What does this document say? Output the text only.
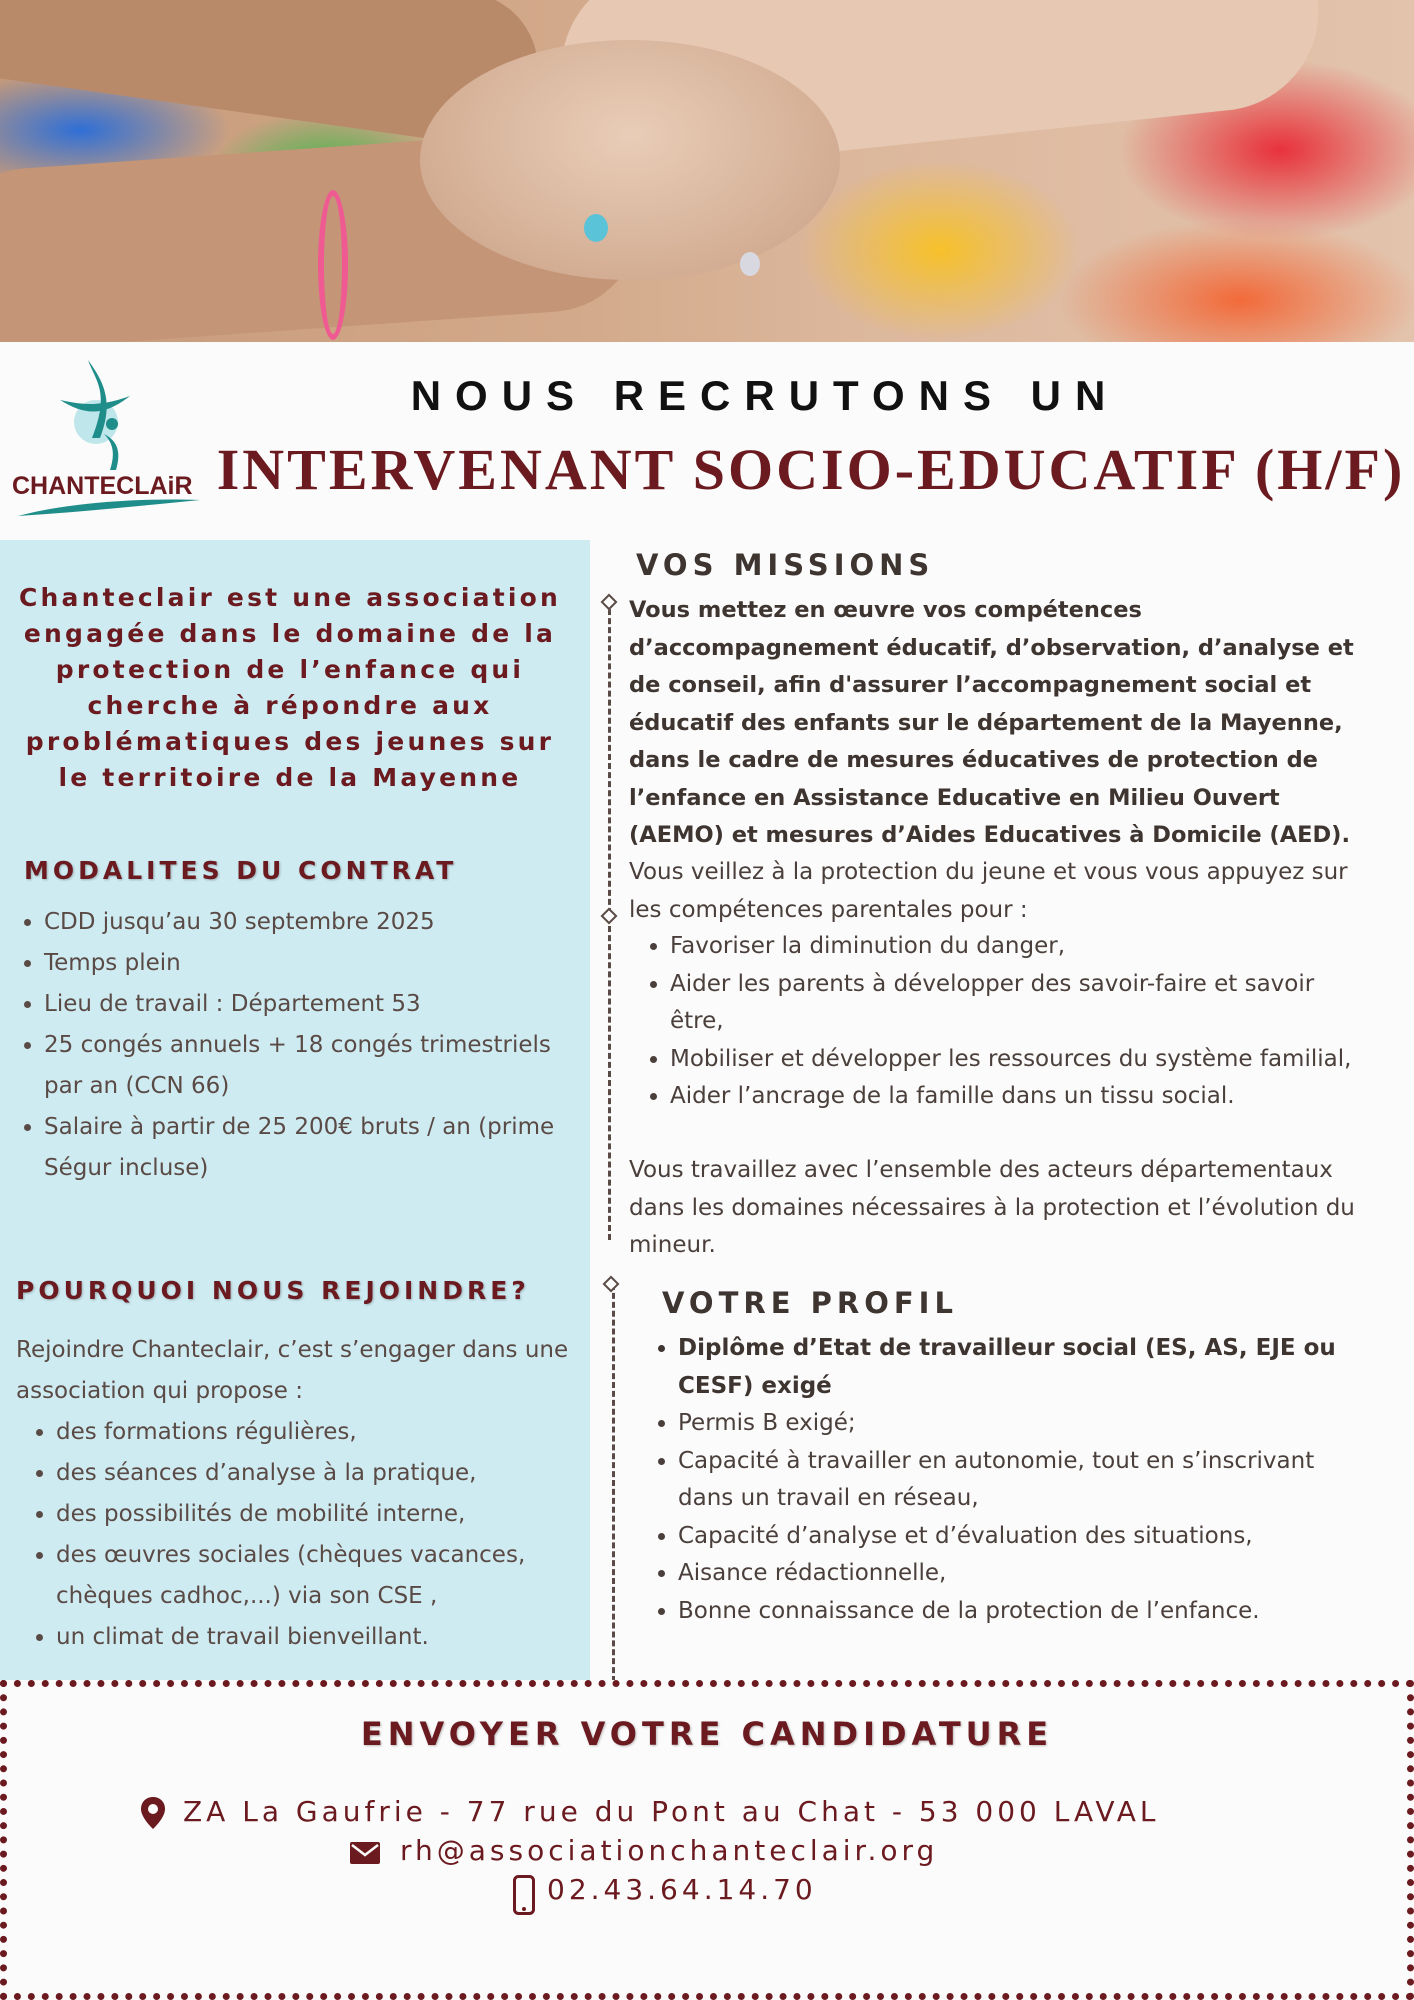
CHANTECLAiR
NOUS RECRUTONS UN
INTERVENANT SOCIO-EDUCATIF (H/F)

Chanteclair est une association engagée dans le domaine de la protection de l’enfance qui cherche à répondre aux problématiques des jeunes sur le territoire de la Mayenne

MODALITES DU CONTRAT
• CDD jusqu’au 30 septembre 2025
• Temps plein
• Lieu de travail : Département 53
• 25 congés annuels + 18 congés trimestriels par an (CCN 66)
• Salaire à partir de 25 200€ bruts / an (prime Ségur incluse)
POURQUOI NOUS REJOINDRE?

Rejoindre Chanteclair, c’est s’engager dans une association qui propose :

• des formations régulières,
• des séances d’analyse à la pratique,
• des possibilités de mobilité interne,
• des œuvres sociales (chèques vacances, chèques cadhoc,...) via son CSE ,
• un climat de travail bienveillant.
VOS MISSIONS

Vous mettez en œuvre vos compétences d’accompagnement éducatif, d’observation, d’analyse et de conseil, afin d'assurer l’accompagnement social et éducatif des enfants sur le département de la Mayenne, dans le cadre de mesures éducatives de protection de l’enfance en Assistance Educative en Milieu Ouvert (AEMO) et mesures d’Aides Educatives à Domicile (AED).

Vous veillez à la protection du jeune et vous vous appuyez sur les compétences parentales pour :

• Favoriser la diminution du danger,
• Aider les parents à développer des savoir-faire et savoir être,
• Mobiliser et développer les ressources du système familial,
• Aider l’ancrage de la famille dans un tissu social.

Vous travaillez avec l’ensemble des acteurs départementaux dans les domaines nécessaires à la protection et l’évolution du mineur.

VOTRE PROFIL
• Diplôme d’Etat de travailleur social (ES, AS, EJE ou CESF) exigé
• Permis B exigé;
• Capacité à travailler en autonomie, tout en s’inscrivant dans un travail en réseau,
• Capacité d’analyse et d’évaluation des situations,
• Aisance rédactionnelle,
• Bonne connaissance de la protection de l’enfance.
ENVOYER VOTRE CANDIDATURE
ZA La Gaufrie - 77 rue du Pont au Chat - 53 000 LAVAL
rh@associationchanteclair.org
02.43.64.14.70
